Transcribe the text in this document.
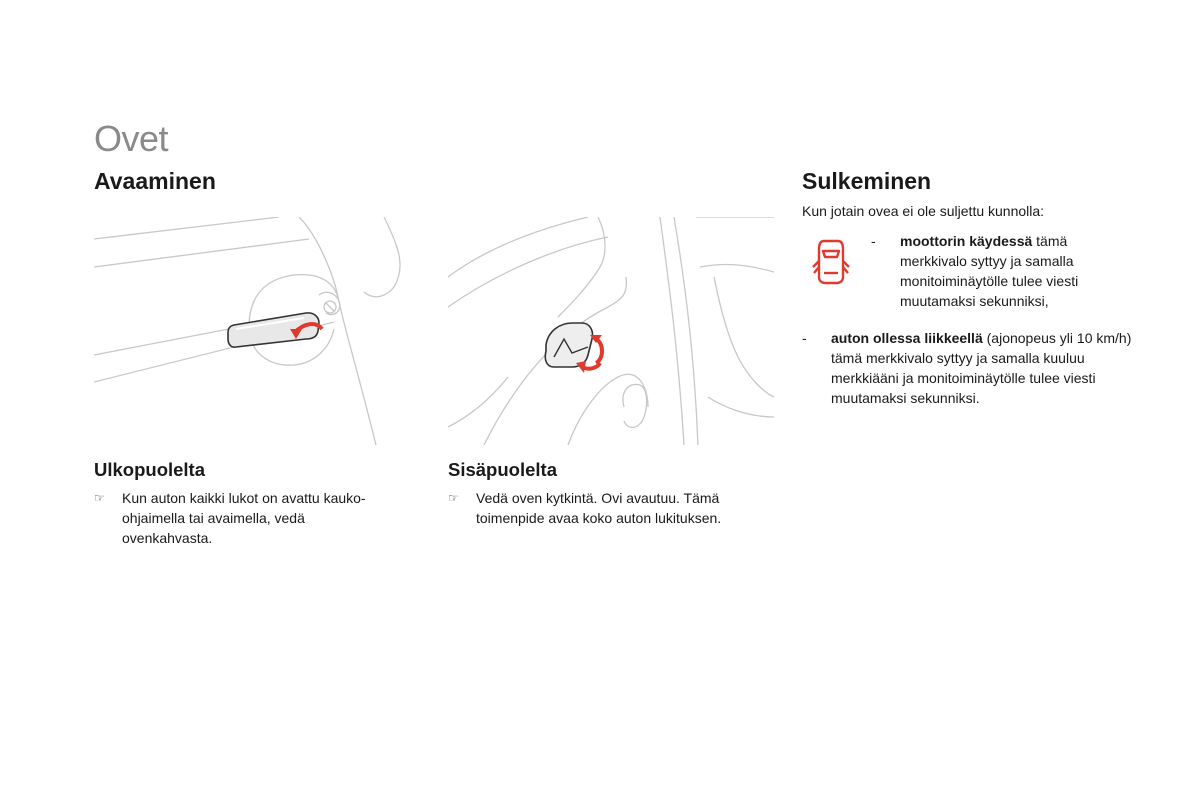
Ovet
Avaaminen
Ulkopuolelta
☞	Kun auton kaikki lukot on avattu kauko-ohjaimella tai avaimella, vedä ovenkahvasta.
Sisäpuolelta
☞	Vedä oven kytkintä. Ovi avautuu. Tämä toimenpide avaa koko auton lukituksen.
Sulkeminen
Kun jotain ovea ei ole suljettu kunnolla:
-	moottorin käydessä tämä merkkivalo syttyy ja samalla monitoiminäytölle tulee viesti muutamaksi sekunniksi,
-	auton ollessa liikkeellä (ajonopeus yli 10 km/h) tämä merkkivalo syttyy ja samalla kuuluu merkkiääni ja monitoiminäytölle tulee viesti muutamaksi sekunniksi.
